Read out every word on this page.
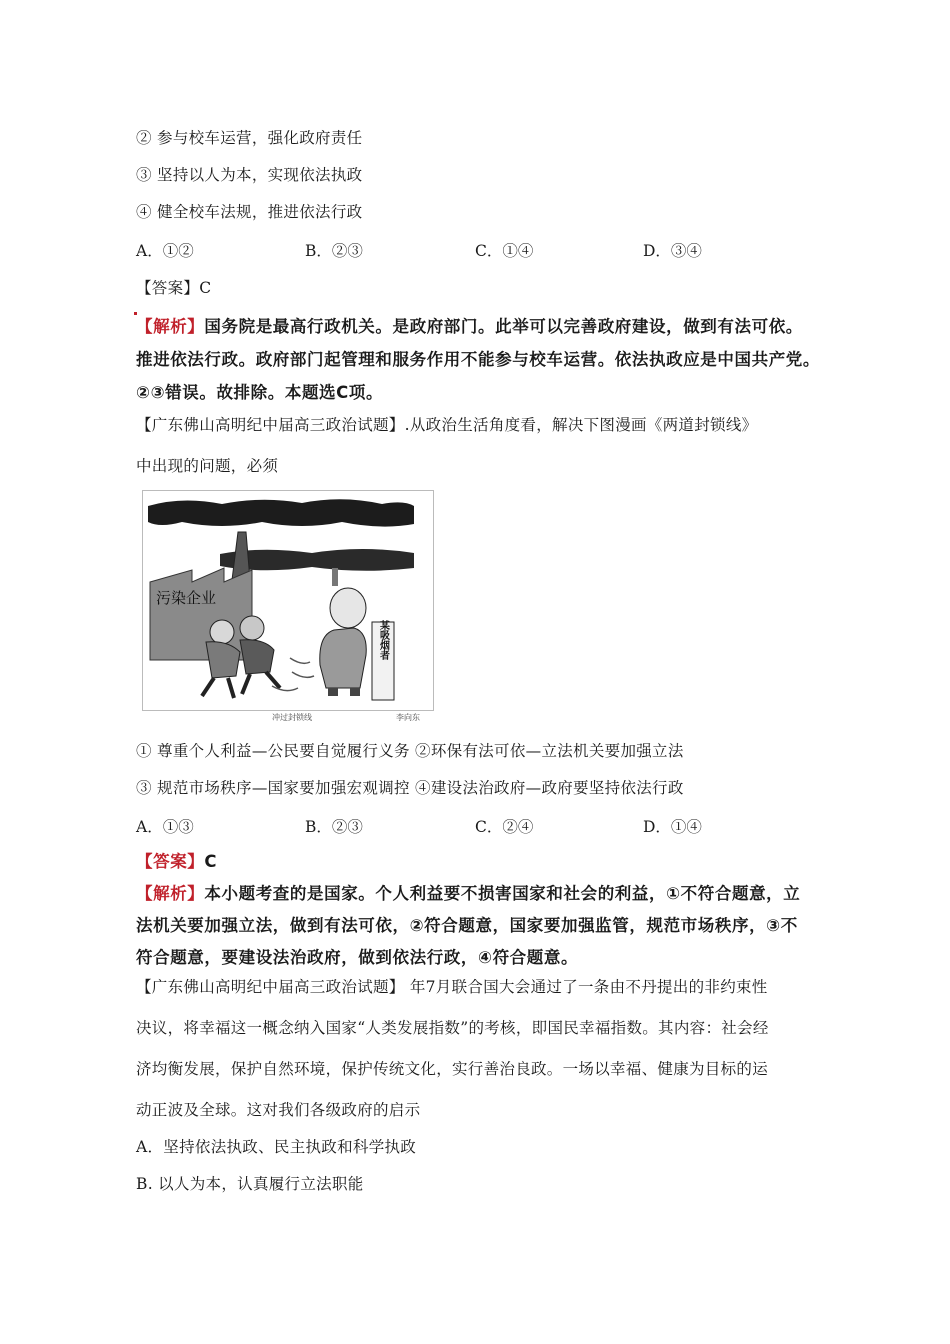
② 参与校车运营，强化政府责任
③ 坚持以人为本，实现依法执政
④ 健全校车法规，推进依法行政
A．①②	B．②③	C．①④	D．③④
【答案】C
【解析】国务院是最高行政机关。是政府部门。此举可以完善政府建设，做到有法可依。
推进依法行政。政府部门起管理和服务作用不能参与校车运营。依法执政应是中国共产党。
②③错误。故排除。本题选C项。
【广东佛山高明纪中届高三政治试题】.从政治生活角度看，解决下图漫画《两道封锁线》
中出现的问题，必须
污染企业
某吸烟者
冲过封锁线	李向东
① 尊重个人利益—公民要自觉履行义务 ②环保有法可依—立法机关要加强立法
③ 规范市场秩序—国家要加强宏观调控 ④建设法治政府—政府要坚持依法行政
A．①③	B．②③	C．②④	D．①④
【答案】C
【解析】本小题考查的是国家。个人利益要不损害国家和社会的利益，①不符合题意，立
法机关要加强立法，做到有法可依，②符合题意，国家要加强监管，规范市场秩序，③不
符合题意，要建设法治政府，做到依法行政，④符合题意。
【广东佛山高明纪中届高三政治试题】 年7月联合国大会通过了一条由不丹提出的非约束性
决议，将幸福这一概念纳入国家“人类发展指数”的考核，即国民幸福指数。其内容：社会经
济均衡发展，保护自然环境，保护传统文化，实行善治良政。一场以幸福、健康为目标的运
动正波及全球。这对我们各级政府的启示
A．坚持依法执政、民主执政和科学执政
B. 以人为本，认真履行立法职能
